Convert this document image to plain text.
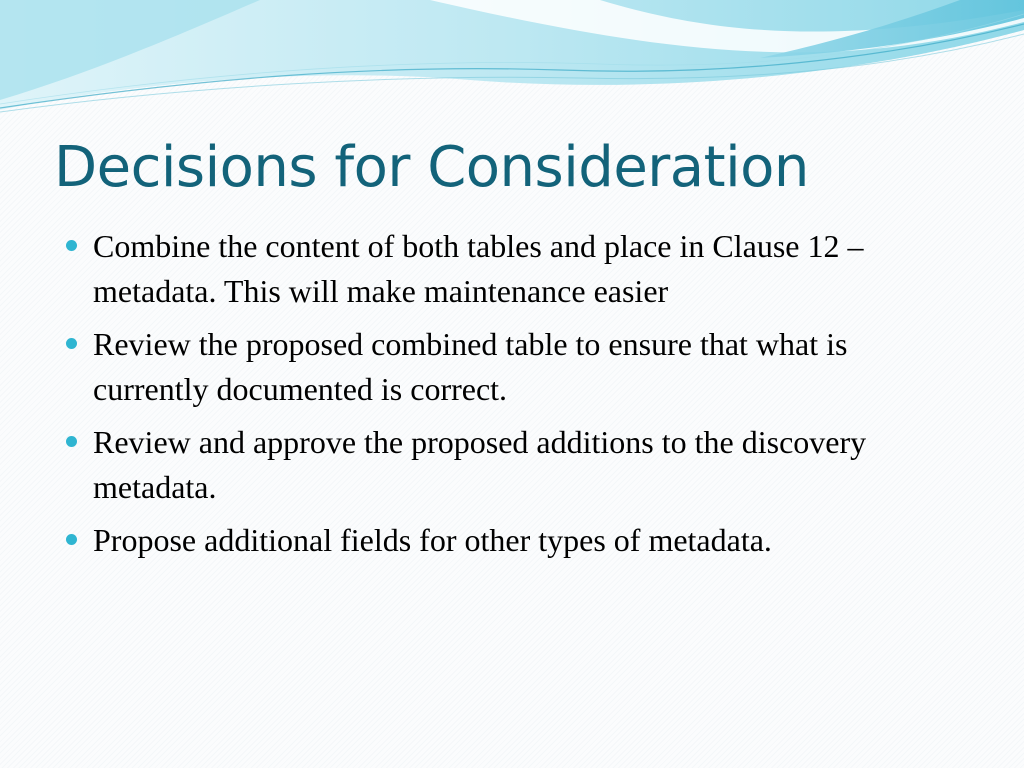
Decisions for Consideration
Combine the content of both tables and place in Clause 12 – metadata. This will make maintenance easier
Review the proposed combined table to ensure that what is currently documented is correct.
Review and approve the proposed additions to the discovery metadata.
Propose additional fields for other types of metadata.
